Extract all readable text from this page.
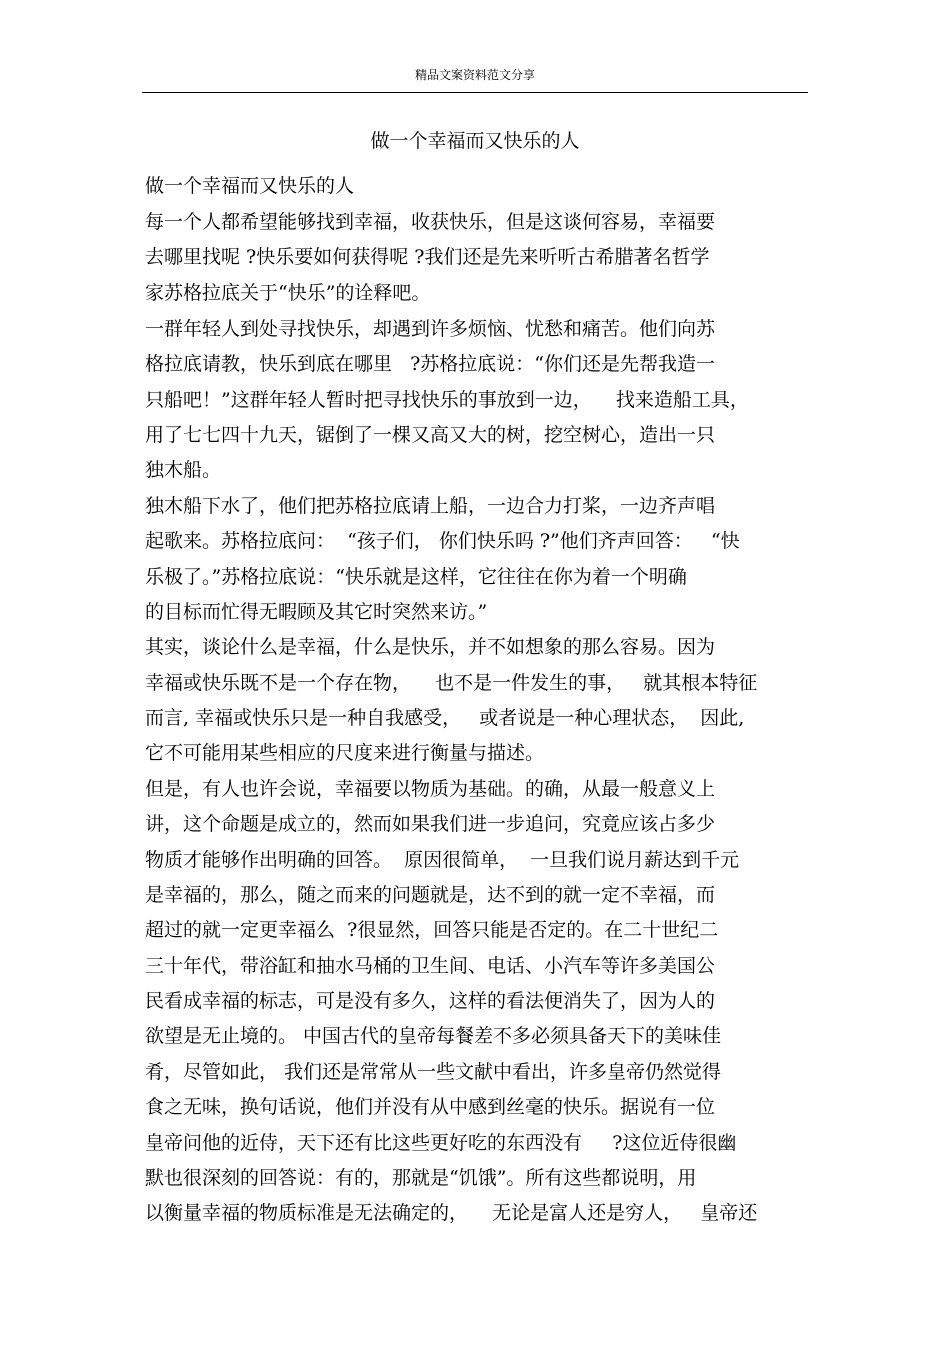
精品文案资料范文分享
做一个幸福而又快乐的人
做一个幸福而又快乐的人
每一个人都希望能够找到幸福，收获快乐，但是这谈何容易，幸福要
去哪里找呢 ?快乐要如何获得呢 ?我们还是先来听听古希腊著名哲学
家苏格拉底关于“快乐”的诠释吧。
一群年轻人到处寻找快乐，却遇到许多烦恼、忧愁和痛苦。他们向苏
格拉底请教，快乐到底在哪里   ?苏格拉底说：“你们还是先帮我造一
只船吧！”这群年轻人暂时把寻找快乐的事放到一边，    找来造船工具，
用了七七四十九天，锯倒了一棵又高又大的树，挖空树心，造出一只
独木船。
独木船下水了，他们把苏格拉底请上船，一边合力打桨，一边齐声唱
起歌来。苏格拉底问：  “孩子们， 你们快乐吗 ?”他们齐声回答：   “快
乐极了。”苏格拉底说：“快乐就是这样，它往往在你为着一个明确
的目标而忙得无暇顾及其它时突然来访。”
其实，谈论什么是幸福，什么是快乐，并不如想象的那么容易。因为
幸福或快乐既不是一个存在物，    也不是一件发生的事，   就其根本特征
而言, 幸福或快乐只是一种自我感受，   或者说是一种心理状态，  因此,
它不可能用某些相应的尺度来进行衡量与描述。
但是，有人也许会说，幸福要以物质为基础。的确，从最一般意义上
讲，这个命题是成立的，然而如果我们进一步追问，究竟应该占多少
物质才能够作出明确的回答。  原因很简单，  一旦我们说月薪达到千元
是幸福的，那么，随之而来的问题就是，达不到的就一定不幸福，而
超过的就一定更幸福么  ?很显然，回答只能是否定的。在二十世纪二
三十年代，带浴缸和抽水马桶的卫生间、电话、小汽车等许多美国公
民看成幸福的标志，可是没有多久，这样的看法便消失了，因为人的
欲望是无止境的。 中国古代的皇帝每餐差不多必须具备天下的美味佳
肴，尽管如此， 我们还是常常从一些文献中看出，许多皇帝仍然觉得
食之无味，换句话说，他们并没有从中感到丝毫的快乐。据说有一位
皇帝问他的近侍，天下还有比这些更好吃的东西没有     ?这位近侍很幽
默也很深刻的回答说：有的，那就是“饥饿”。所有这些都说明，用
以衡量幸福的物质标准是无法确定的，    无论是富人还是穷人，   皇帝还
